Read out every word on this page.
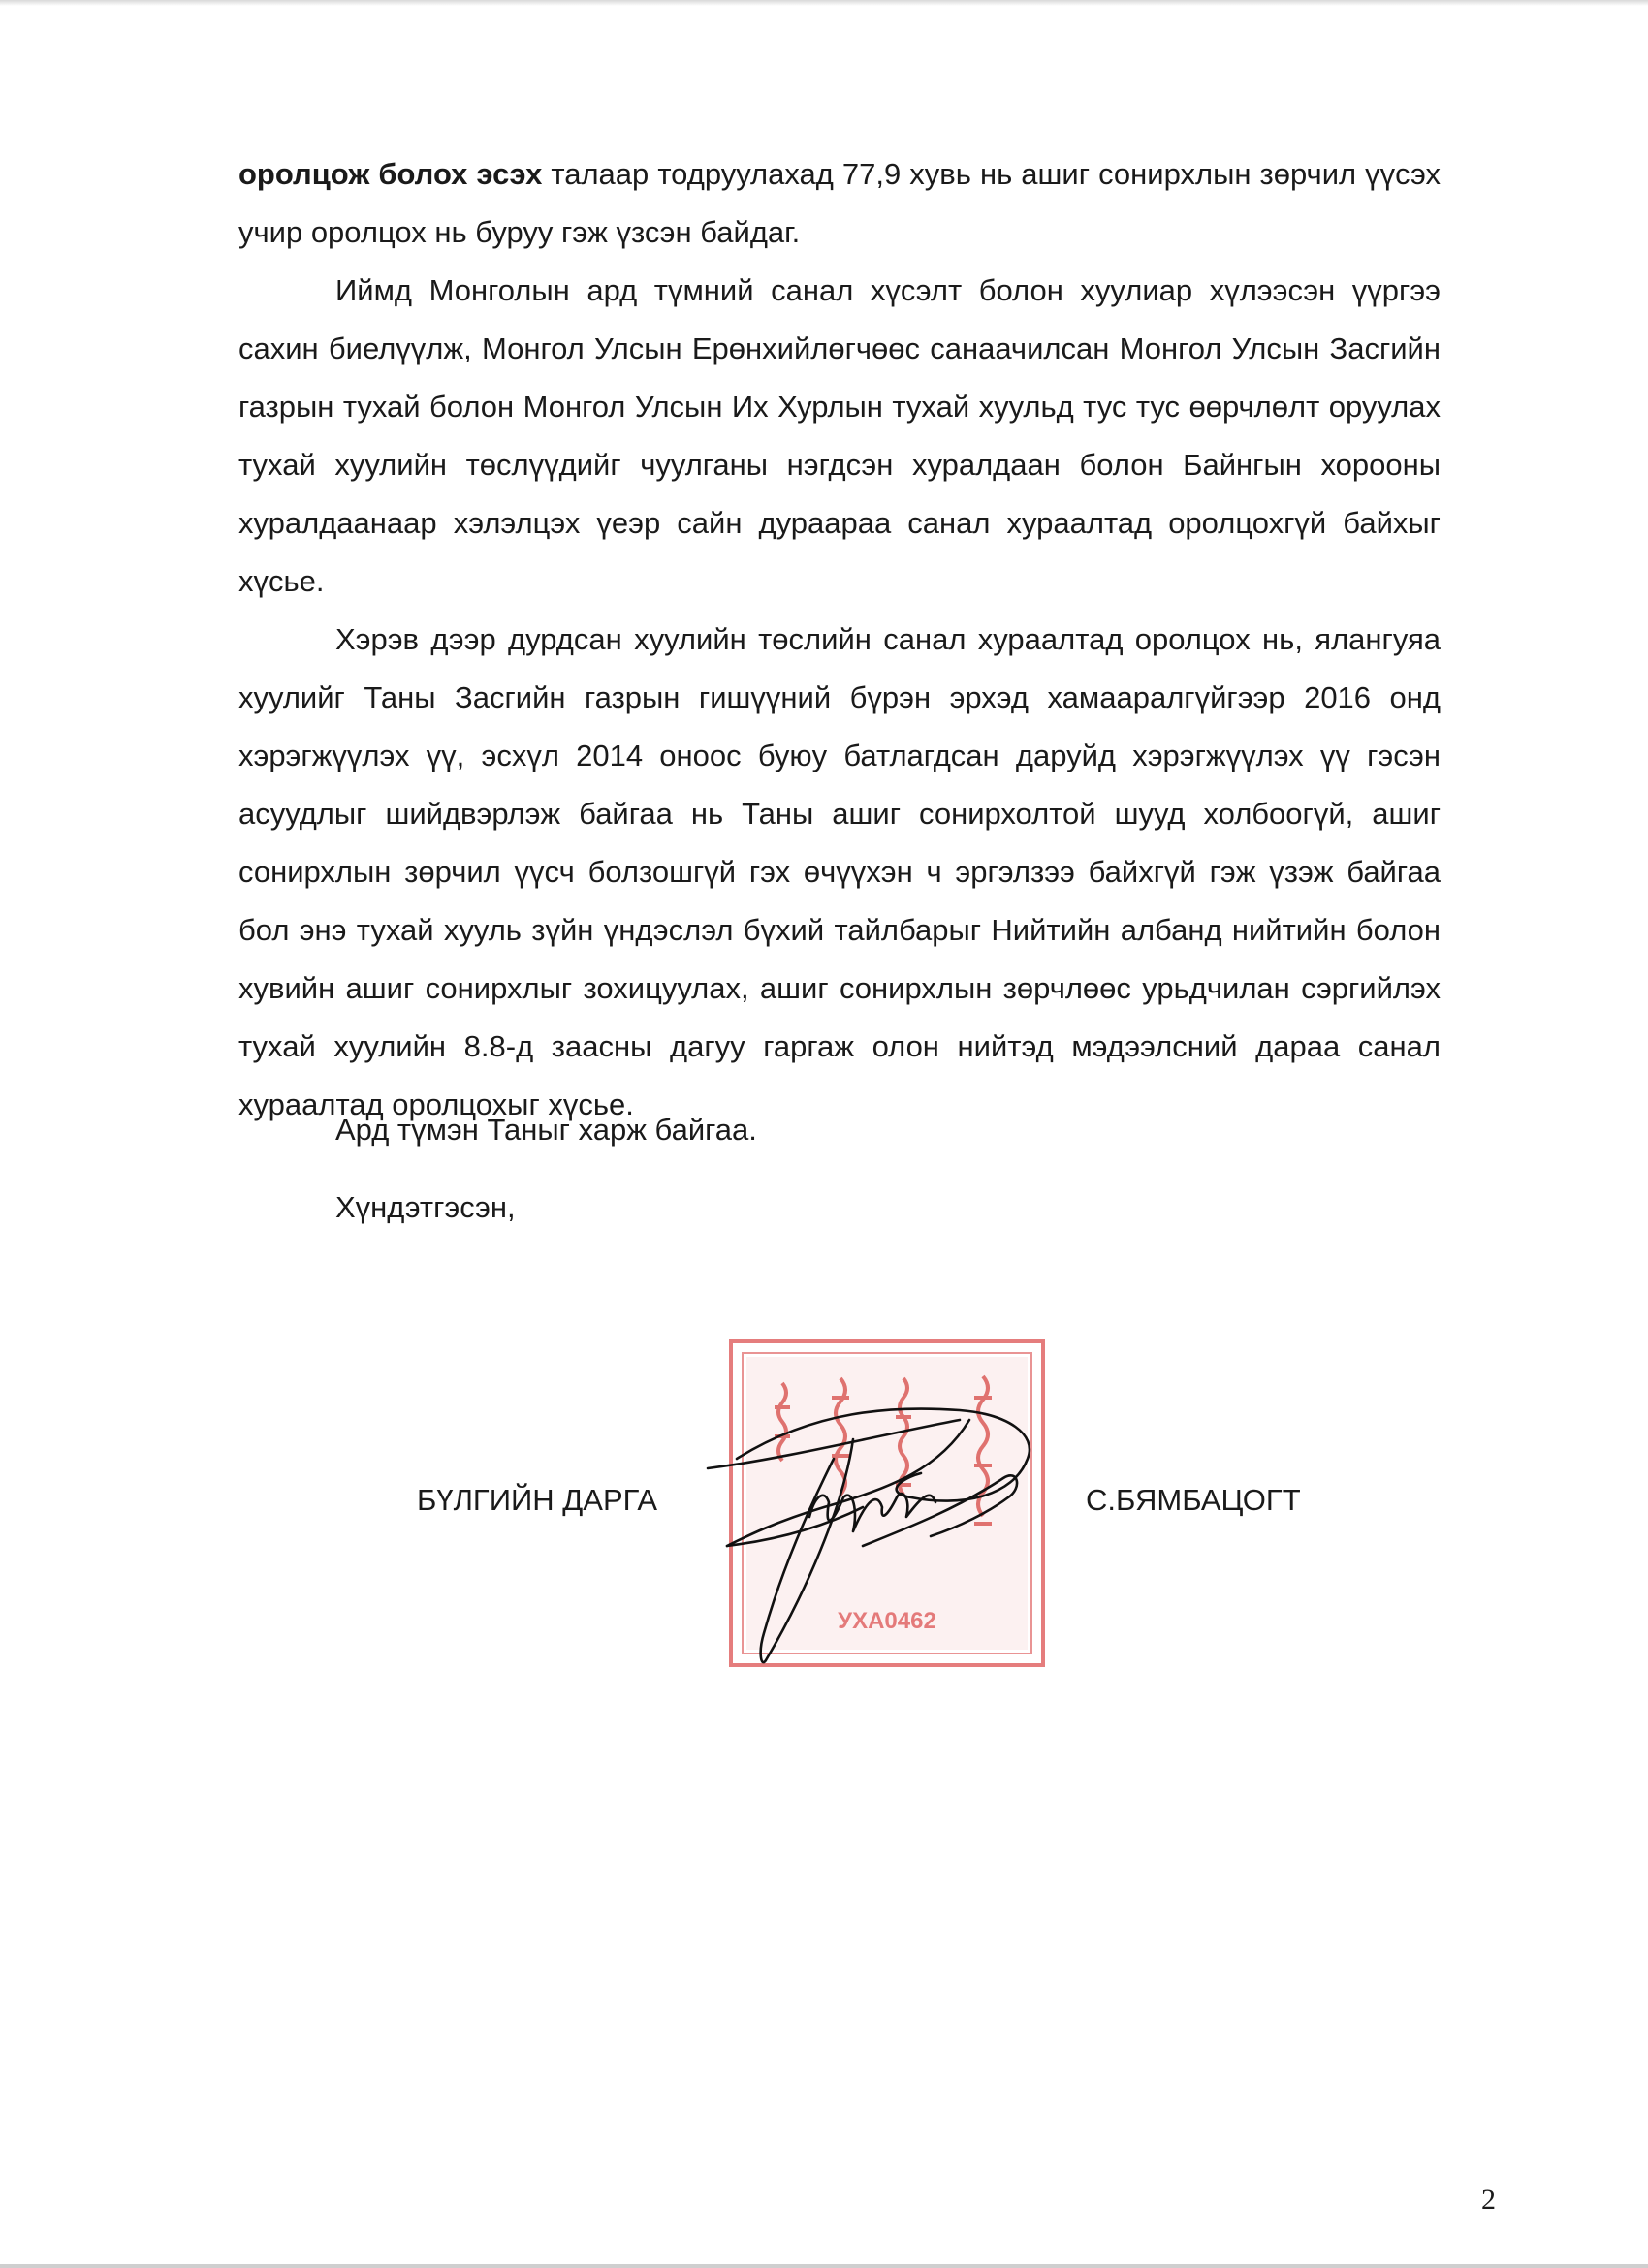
оролцож болох эсэх талаар тодруулахад 77,9 хувь нь ашиг сонирхлын зөрчил үүсэх учир оролцох нь буруу гэж үзсэн байдаг.

Иймд Монголын ард түмний санал хүсэлт болон хуулиар хүлээсэн үүргээ сахин биелүүлж, Монгол Улсын Ерөнхийлөгчөөс санаачилсан Монгол Улсын Засгийн газрын тухай болон Монгол Улсын Их Хурлын тухай хуульд тус тус өөрчлөлт оруулах тухай хуулийн төслүүдийг чуулганы нэгдсэн хуралдаан болон Байнгын хорооны хуралдаанаар хэлэлцэх үеэр сайн дураараа санал хураалтад оролцохгүй байхыг хүсье.

Хэрэв дээр дурдсан хуулийн төслийн санал хураалтад оролцох нь, ялангуяа хуулийг Таны Засгийн газрын гишүүний бүрэн эрхэд хамааралгүйгээр 2016 онд хэрэгжүүлэх үү, эсхүл 2014 оноос буюу батлагдсан даруйд хэрэгжүүлэх үү гэсэн асуудлыг шийдвэрлэж байгаа нь Таны ашиг сонирхолтой шууд холбоогүй, ашиг сонирхлын зөрчил үүсч болзошгүй гэх өчүүхэн ч эргэлзээ байхгүй гэж үзэж байгаа бол энэ тухай хууль зүйн үндэслэл бүхий тайлбарыг Нийтийн албанд нийтийн болон хувийн ашиг сонирхлыг зохицуулах, ашиг сонирхлын зөрчлөөс урьдчилан сэргийлэх тухай хуулийн 8.8-д заасны дагуу гаргаж олон нийтэд мэдээлсний дараа санал хураалтад оролцохыг хүсье.

Ард түмэн Таныг харж байгаа.
Хүндэтгэсэн,
БҮЛГИЙН ДАРГА	С.БЯМБАЦОГТ
УХА0462
2
